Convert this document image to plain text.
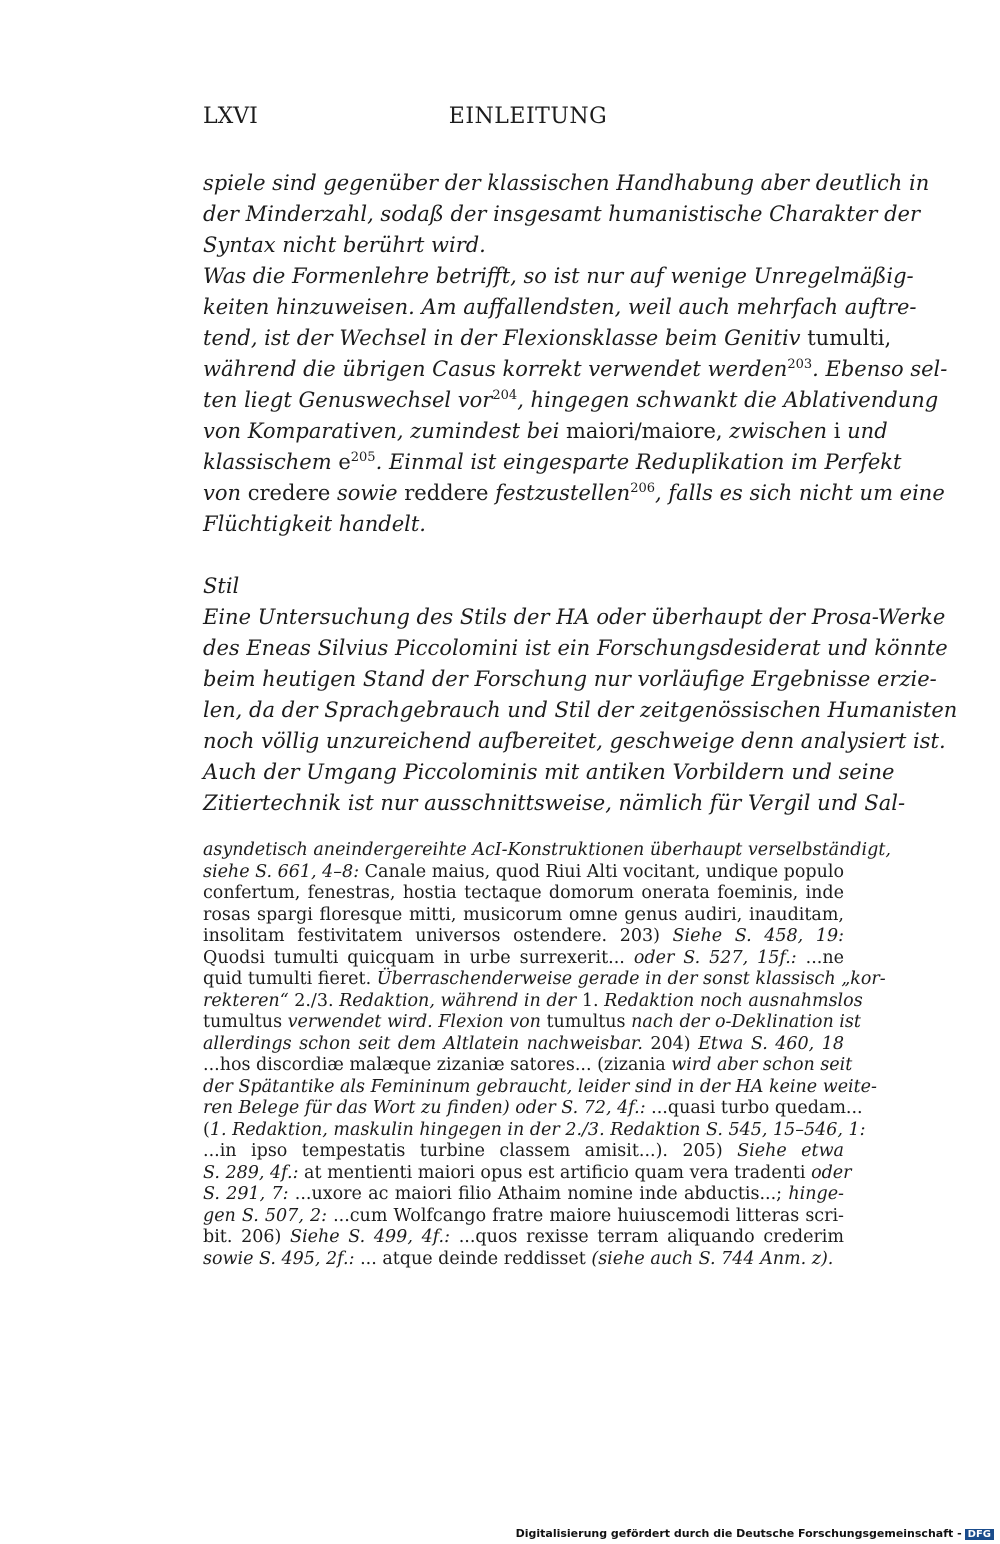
LXVI	EINLEITUNG
spiele sind gegenüber der klassischen Handhabung aber deutlich in
der Minderzahl, sodaß der insgesamt humanistische Charakter der
Syntax nicht berührt wird.
Was die Formenlehre betrifft, so ist nur auf wenige Unregelmäßig-
keiten hinzuweisen. Am auffallendsten, weil auch mehrfach auftre-
tend, ist der Wechsel in der Flexionsklasse beim Genitiv tumulti,
während die übrigen Casus korrekt verwendet werden$^{203}$. Ebenso sel-
ten liegt Genuswechsel vor$^{204}$, hingegen schwankt die Ablativendung
von Komparativen, zumindest bei maiori/maiore, zwischen i und
klassischem $e^{205}$. Einmal ist eingesparte Reduplikation im Perfekt
von credere sowie reddere festzustellen$^{206}$, falls es sich nicht um eine
Flüchtigkeit handelt.
Stil
Eine Untersuchung des Stils der HA oder überhaupt der Prosa-Werke
des Eneas Silvius Piccolomini ist ein Forschungsdesiderat und könnte
beim heutigen Stand der Forschung nur vorläufige Ergebnisse erzie-
len, da der Sprachgebrauch und Stil der zeitgenössischen Humanisten
noch völlig unzureichend aufbereitet, geschweige denn analysiert ist.
Auch der Umgang Piccolominis mit antiken Vorbildern und seine
Zitiertechnik ist nur ausschnittsweise, nämlich für Vergil und Sal-
asyndetisch aneindergereihte AcI-Konstruktionen überhaupt verselbständigt,
siehe S. 661, 4–8: Canale maius, quod Riui Alti vocitant, undique populo
confertum, fenestras, hostia tectaque domorum onerata foeminis, inde
rosas spargi floresque mitti, musicorum omne genus audiri, inauditam,
insolitam festivitatem universos ostendere. 203) Siehe S. 458, 19:
Quodsi tumulti quicquam in urbe surrexerit... oder S. 527, 15f.: ...ne
quid tumulti fieret. Überraschenderweise gerade in der sonst klassisch „kor-
rekteren“ 2./3. Redaktion, während in der 1. Redaktion noch ausnahmslos
tumultus verwendet wird. Flexion von tumultus nach der o-Deklination ist
allerdings schon seit dem Altlatein nachweisbar. 204) Etwa S. 460, 18
...hos discordiæ malæque zizaniæ satores... (zizania wird aber schon seit
der Spätantike als Femininum gebraucht, leider sind in der HA keine weite-
ren Belege für das Wort zu finden) oder S. 72, 4f.: ...quasi turbo quedam...
(1. Redaktion, maskulin hingegen in der 2./3. Redaktion S. 545, 15–546, 1:
...in ipso tempestatis turbine classem amisit...). 205) Siehe etwa
S. 289, 4f.: at mentienti maiori opus est artificio quam vera tradenti oder
S. 291, 7: ...uxore ac maiori filio Athaim nomine inde abductis...; hinge-
gen S. 507, 2: ...cum Wolfcango fratre maiore huiuscemodi litteras scri-
bit. 206) Siehe S. 499, 4f.: ...quos rexisse terram aliquando crederim
sowie S. 495, 2f.: ... atque deinde reddisset (siehe auch S. 744 Anm. z).
Digitalisierung gefördert durch die Deutsche Forschungsgemeinschaft - DFG
